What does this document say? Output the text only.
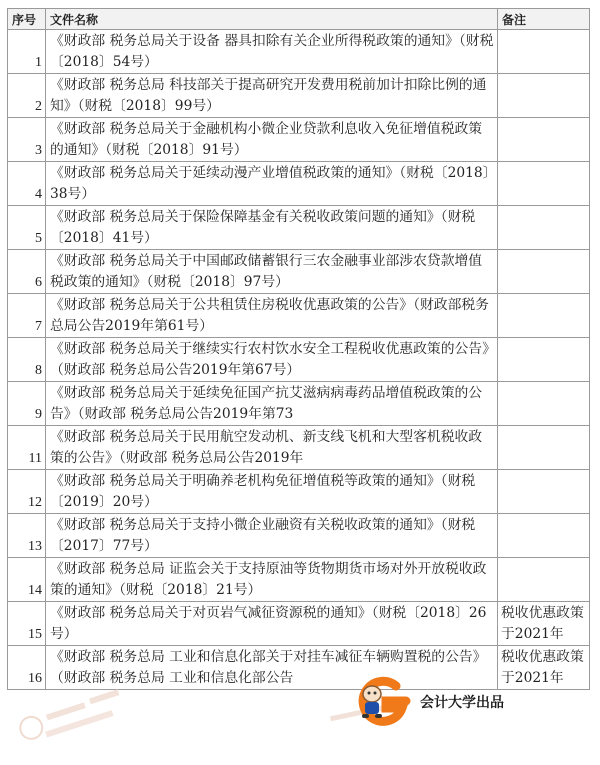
序号	文件名称	备注
1	《财政部 税务总局关于设备 器具扣除有关企业所得税政策的通知》（财税〔2018〕54号）	

2	《财政部 税务总局 科技部关于提高研究开发费用税前加计扣除比例的通知》（财税〔2018〕99号）	

3	《财政部 税务总局关于金融机构小微企业贷款利息收入免征增值税政策的通知》（财税〔2018〕91号）	

4	《财政部 税务总局关于延续动漫产业增值税政策的通知》（财税〔2018〕38号）	

5	《财政部 税务总局关于保险保障基金有关税收政策问题的通知》（财税〔2018〕41号）	

6	《财政部 税务总局关于中国邮政储蓄银行三农金融事业部涉农贷款增值税政策的通知》（财税〔2018〕97号）	

7	《财政部 税务总局关于公共租赁住房税收优惠政策的公告》（财政部税务总局公告2019年第61号）	

8	《财政部 税务总局关于继续实行农村饮水安全工程税收优惠政策的公告》（财政部 税务总局公告2019年第67号）	

9	《财政部 税务总局关于延续免征国产抗艾滋病病毒药品增值税政策的公告》（财政部 税务总局公告2019年第73	

11	《财政部 税务总局关于民用航空发动机、新支线飞机和大型客机税收政策的公告》（财政部 税务总局公告2019年	

12	《财政部 税务总局关于明确养老机构免征增值税等政策的通知》（财税〔2019〕20号）	

13	《财政部 税务总局关于支持小微企业融资有关税收政策的通知》（财税〔2017〕77号）	

14	《财政部 税务总局 证监会关于支持原油等货物期货市场对外开放税收政策的通知》（财税〔2018〕21号）	

15	《财政部 税务总局关于对页岩气减征资源税的通知》（财税〔2018〕26号）	税收优惠政策于2021年
16	《财政部 税务总局 工业和信息化部关于对挂车减征车辆购置税的公告》（财政部 税务总局 工业和信息化部公告	税收优惠政策于2021年
会计大学出品
